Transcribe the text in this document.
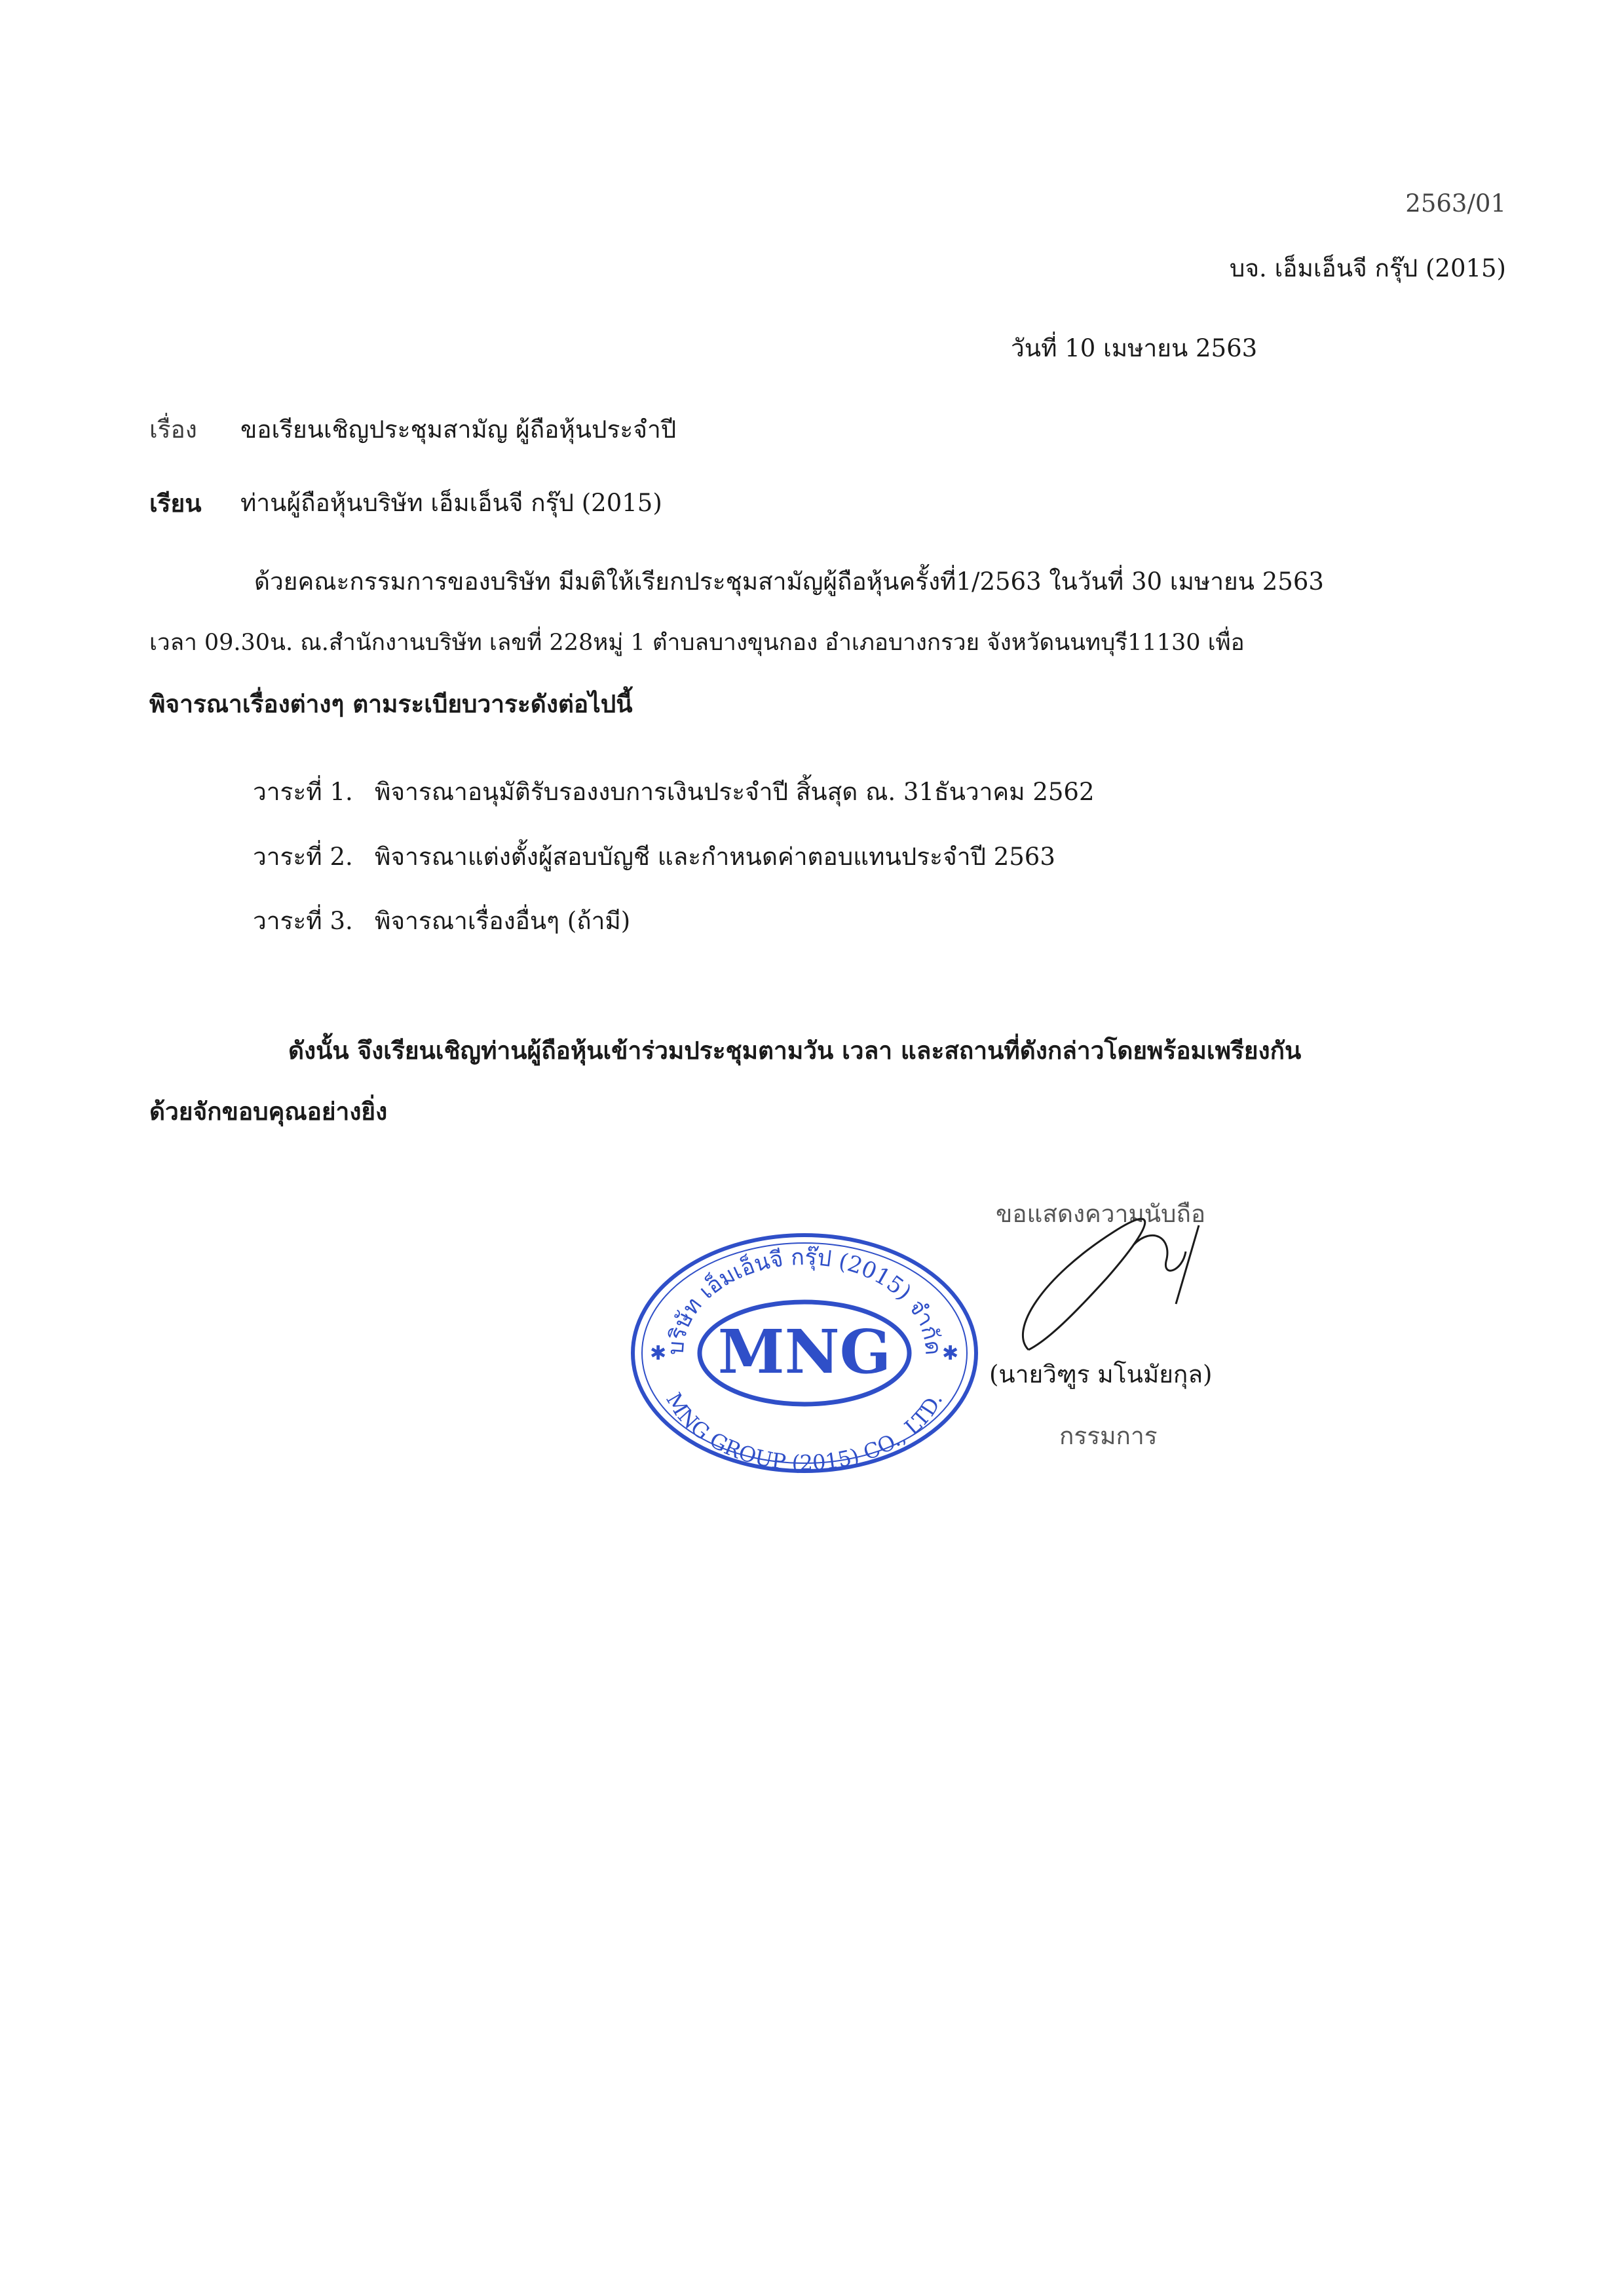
2563/01
บจ. เอ็มเอ็นจี กรุ๊ป (2015)
วันที่ 10 เมษายน 2563
เรื่อง ขอเรียนเชิญประชุมสามัญ ผู้ถือหุ้นประจำปี
เรียน ท่านผู้ถือหุ้นบริษัท เอ็มเอ็นจี กรุ๊ป (2015)
ด้วยคณะกรรมการของบริษัท มีมติให้เรียกประชุมสามัญผู้ถือหุ้นครั้งที่1/2563 ในวันที่ 30 เมษายน 2563
เวลา 09.30น. ณ.สำนักงานบริษัท เลขที่ 228หมู่ 1 ตำบลบางขุนกอง อำเภอบางกรวย จังหวัดนนทบุรี11130 เพื่อ
พิจารณาเรื่องต่างๆ ตามระเบียบวาระดังต่อไปนี้
วาระที่ 1. พิจารณาอนุมัติรับรองงบการเงินประจำปี สิ้นสุด ณ. 31ธันวาคม 2562
วาระที่ 2. พิจารณาแต่งตั้งผู้สอบบัญชี และกำหนดค่าตอบแทนประจำปี 2563
วาระที่ 3. พิจารณาเรื่องอื่นๆ (ถ้ามี)
ดังนั้น จึงเรียนเชิญท่านผู้ถือหุ้นเข้าร่วมประชุมตามวัน เวลา และสถานที่ดังกล่าวโดยพร้อมเพรียงกัน
ด้วยจักขอบคุณอย่างยิ่ง
ขอแสดงความนับถือ
MNG
บริษัท เอ็มเอ็นจี กรุ๊ป (2015) จำกัด
MNG GROUP (2015) CO., LTD.
✱	✱
(นายวิฑูร มโนมัยกุล)
กรรมการ
